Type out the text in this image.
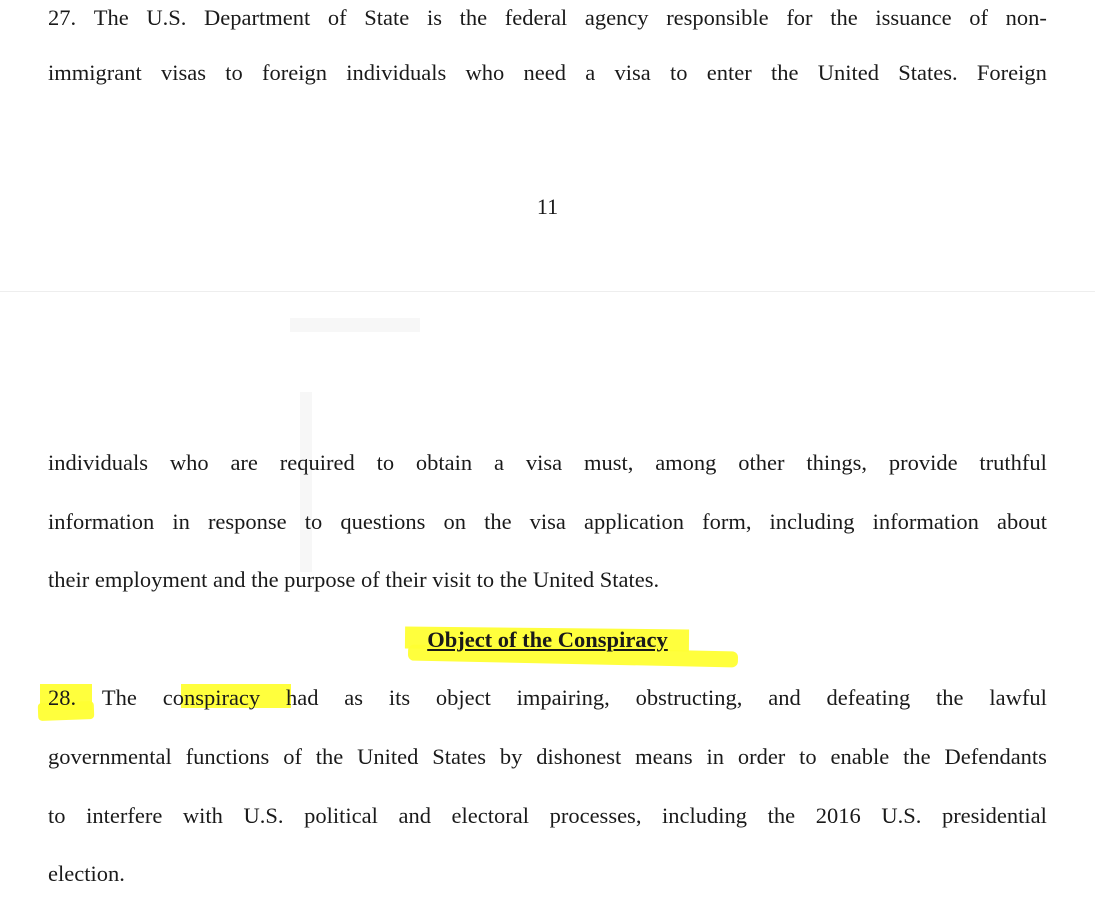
27. The U.S. Department of State is the federal agency responsible for the issuance of non-
immigrant visas to foreign individuals who need a visa to enter the United States. Foreign
11
individuals who are required to obtain a visa must, among other things, provide truthful
information in response to questions on the visa application form, including information about
their employment and the purpose of their visit to the United States.
Object of the Conspiracy
28. The conspiracy had as its object impairing, obstructing, and defeating the lawful
governmental functions of the United States by dishonest means in order to enable the Defendants
to interfere with U.S. political and electoral processes, including the 2016 U.S. presidential
election.
